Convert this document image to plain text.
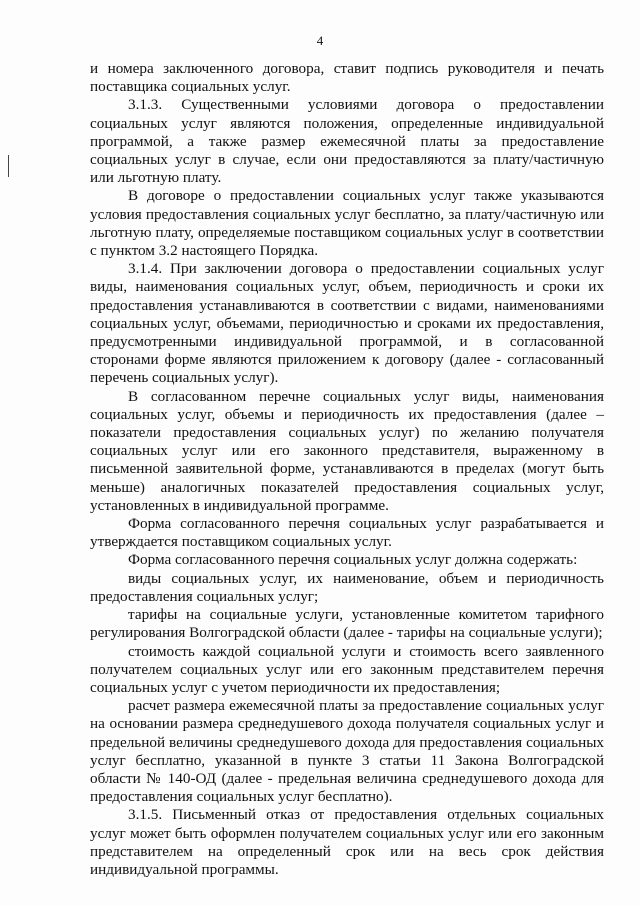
4

и номера заключенного договора, ставит подпись руководителя и печать поставщика социальных услуг.

3.1.3. Существенными условиями договора о предоставлении социальных услуг являются положения, определенные индивидуальной программой, а также размер ежемесячной платы за предоставление социальных услуг в случае, если они предоставляются за плату/частичную или льготную плату.

В договоре о предоставлении социальных услуг также указываются условия предоставления социальных услуг бесплатно, за плату/частичную или льготную плату, определяемые поставщиком социальных услуг в соответствии с пунктом 3.2 настоящего Порядка.

3.1.4. При заключении договора о предоставлении социальных услуг виды, наименования социальных услуг, объем, периодичность и сроки их предоставления устанавливаются в соответствии с видами, наименованиями социальных услуг, объемами, периодичностью и сроками их предоставления, предусмотренными индивидуальной программой, и в согласованной сторонами форме являются приложением к договору (далее - согласованный перечень социальных услуг).

В согласованном перечне социальных услуг виды, наименования социальных услуг, объемы и периодичность их предоставления (далее – показатели предоставления социальных услуг) по желанию получателя социальных услуг или его законного представителя, выраженному в письменной заявительной форме, устанавливаются в пределах (могут быть меньше) аналогичных показателей предоставления социальных услуг, установленных в индивидуальной программе.

Форма согласованного перечня социальных услуг разрабатывается и утверждается поставщиком социальных услуг.

Форма согласованного перечня социальных услуг должна содержать:

виды социальных услуг, их наименование, объем и периодичность предоставления социальных услуг;

тарифы на социальные услуги, установленные комитетом тарифного регулирования Волгоградской области (далее - тарифы на социальные услуги);

стоимость каждой социальной услуги и стоимость всего заявленного получателем социальных услуг или его законным представителем перечня социальных услуг с учетом периодичности их предоставления;

расчет размера ежемесячной платы за предоставление социальных услуг на основании размера среднедушевого дохода получателя социальных услуг и предельной величины среднедушевого дохода для предоставления социальных услуг бесплатно, указанной в пункте 3 статьи 11 Закона Волгоградской области № 140-ОД (далее - предельная величина среднедушевого дохода для предоставления социальных услуг бесплатно).

3.1.5. Письменный отказ от предоставления отдельных социальных услуг может быть оформлен получателем социальных услуг или его законным представителем на определенный срок или на весь срок действия индивидуальной программы.
